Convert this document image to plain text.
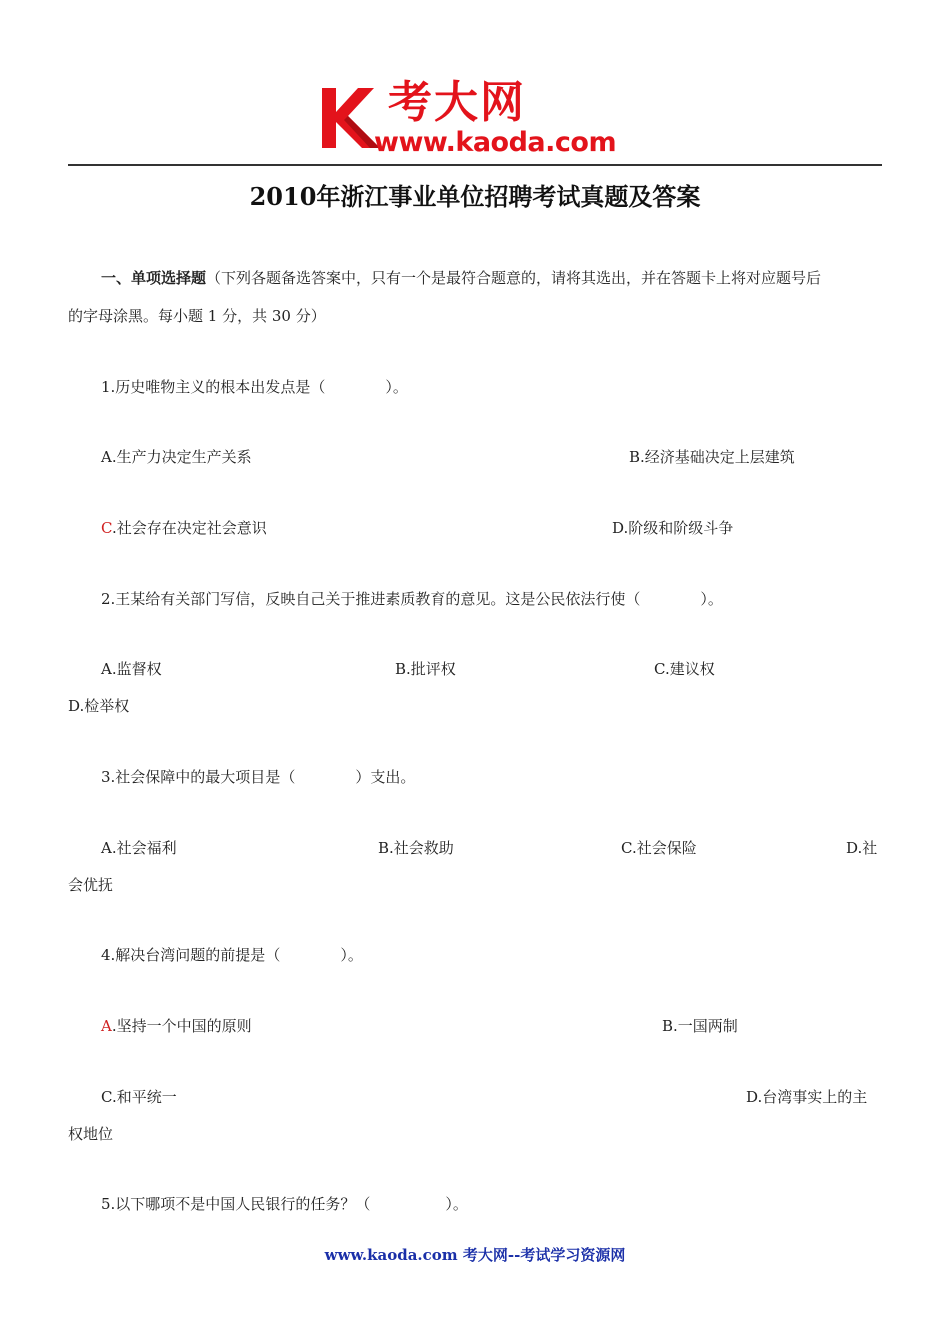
考大网
www.kaoda.com
2010年浙江事业单位招聘考试真题及答案
一、单项选择题（下列各题备选答案中，只有一个是最符合题意的，请将其选出，并在答题卡上将对应题号后
的字母涂黑。每小题 1 分，共 30 分）
1.历史唯物主义的根本出发点是（　　　　）。
A.生产力决定生产关系	B.经济基础决定上层建筑
C.社会存在决定社会意识	D.阶级和阶级斗争
2.王某给有关部门写信，反映自己关于推进素质教育的意见。这是公民依法行使（　　　　）。
A.监督权	B.批评权	C.建议权
D.检举权
3.社会保障中的最大项目是（　　　　）支出。
A.社会福利	B.社会救助	C.社会保险	D.社
会优抚
4.解决台湾问题的前提是（　　　　）。
A.坚持一个中国的原则	B.一国两制
C.和平统一	D.台湾事实上的主
权地位
5.以下哪项不是中国人民银行的任务？（　　　　　）。
www.kaoda.com 考大网--考试学习资源网
